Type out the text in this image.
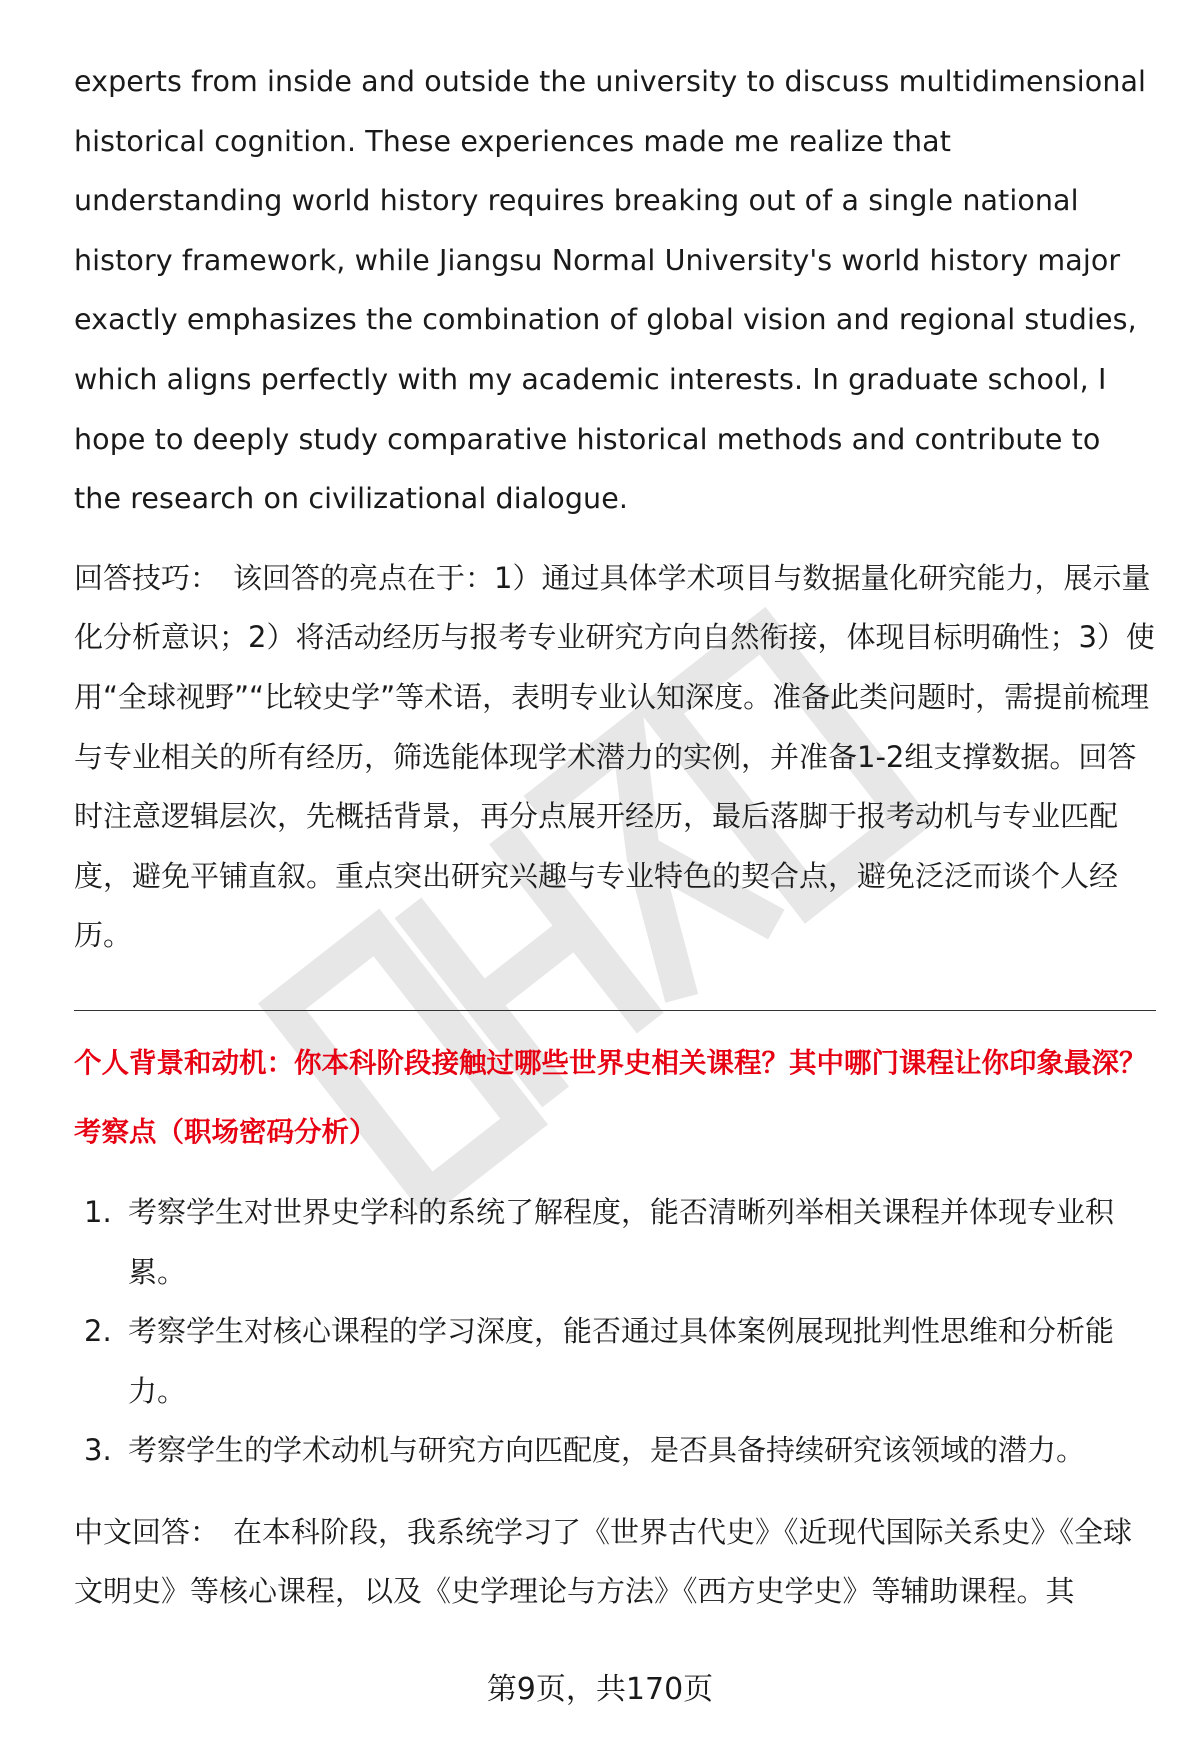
experts from inside and outside the university to discuss multidimensional historical cognition. These experiences made me realize that understanding world history requires breaking out of a single national history framework, while Jiangsu Normal University's world history major exactly emphasizes the combination of global vision and regional studies, which aligns perfectly with my academic interests. In graduate school, I hope to deeply study comparative historical methods and contribute to the research on civilizational dialogue.

回答技巧： 该回答的亮点在于：1）通过具体学术项目与数据量化研究能力，展示量化分析意识；2）将活动经历与报考专业研究方向自然衔接，体现目标明确性；3）使用“全球视野”“比较史学”等术语，表明专业认知深度。准备此类问题时，需提前梳理与专业相关的所有经历，筛选能体现学术潜力的实例，并准备1-2组支撑数据。回答时注意逻辑层次，先概括背景，再分点展开经历，最后落脚于报考动机与专业匹配度，避免平铺直叙。重点突出研究兴趣与专业特色的契合点，避免泛泛而谈个人经历。

个人背景和动机：你本科阶段接触过哪些世界史相关课程？其中哪门课程让你印象最深？

考察点（职场密码分析）

1. 考察学生对世界史学科的系统了解程度，能否清晰列举相关课程并体现专业积累。
2. 考察学生对核心课程的学习深度，能否通过具体案例展现批判性思维和分析能力。
3. 考察学生的学术动机与研究方向匹配度，是否具备持续研究该领域的潜力。

中文回答： 在本科阶段，我系统学习了《世界古代史》《近现代国际关系史》《全球文明史》等核心课程，以及《史学理论与方法》《西方史学史》等辅助课程。其

第9页，共170页
